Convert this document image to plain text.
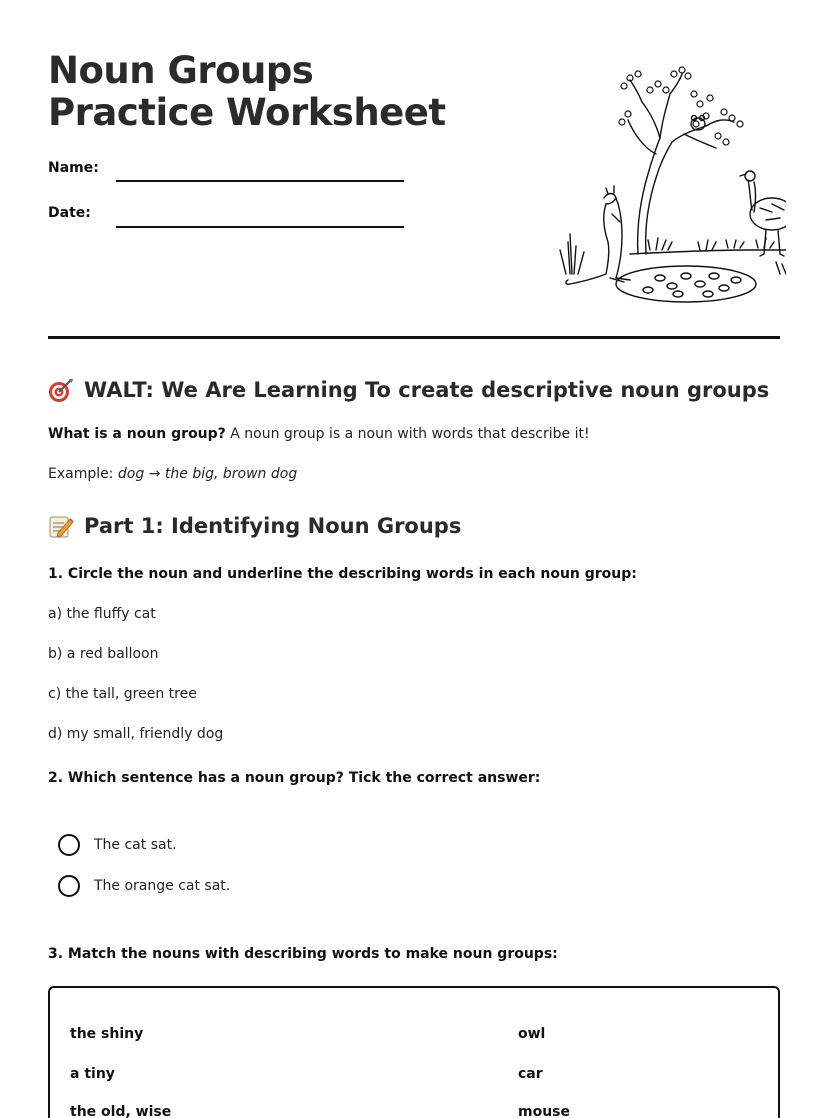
Noun Groups Practice Worksheet
Name:
Date:
WALT: We Are Learning To create descriptive noun groups

What is a noun group? A noun group is a noun with words that describe it!

Example: dog → the big, brown dog

Part 1: Identifying Noun Groups
1. Circle the noun and underline the describing words in each noun group:
a) the fluffy cat
b) a red balloon
c) the tall, green tree
d) my small, friendly dog
2. Which sentence has a noun group? Tick the correct answer:
The cat sat.
The orange cat sat.
3. Match the nouns with describing words to make noun groups:
the shiny	owl
a tiny	car
the old, wise	mouse
